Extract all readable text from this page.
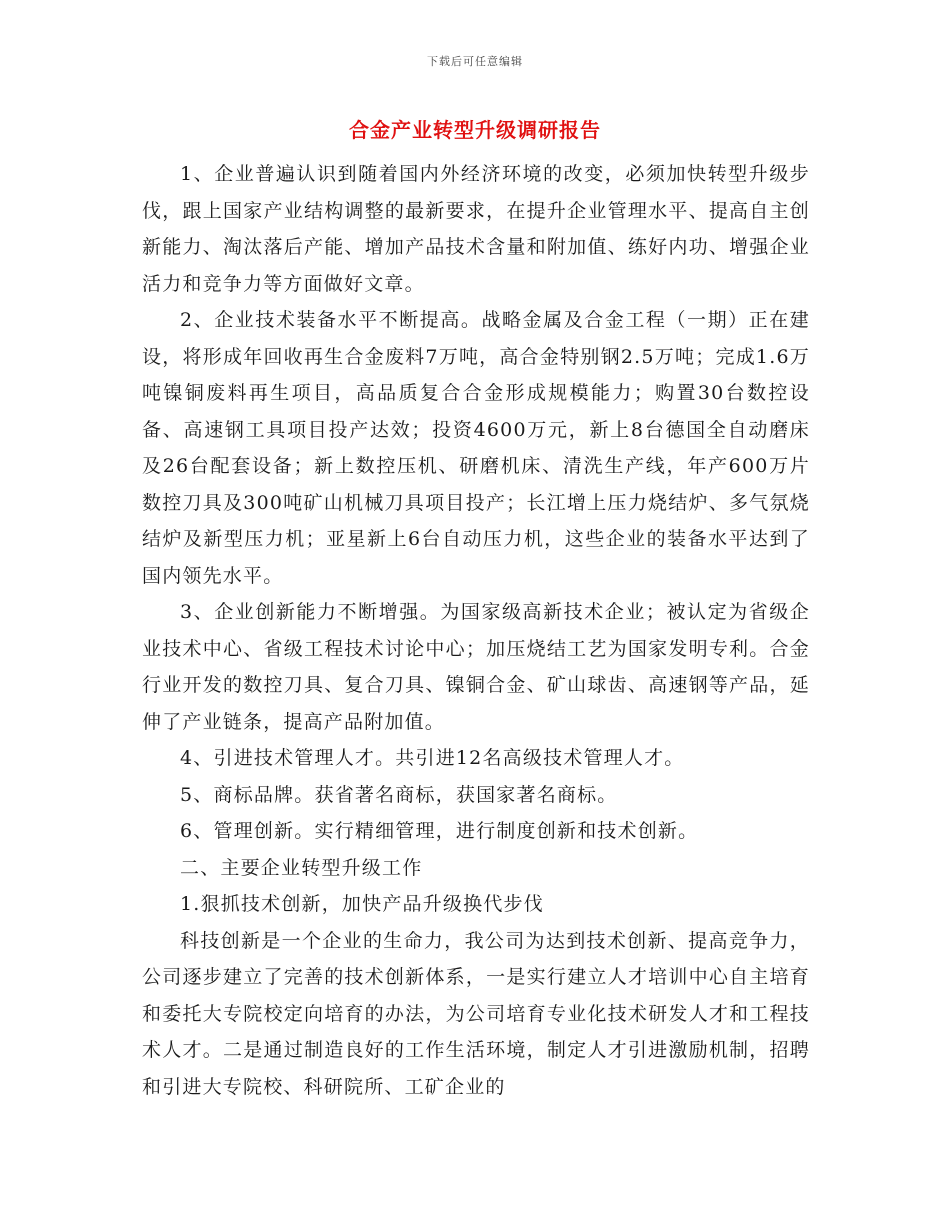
下载后可任意编辑
合金产业转型升级调研报告

1、企业普遍认识到随着国内外经济环境的改变，必须加快转型升级步伐，跟上国家产业结构调整的最新要求，在提升企业管理水平、提高自主创新能力、淘汰落后产能、增加产品技术含量和附加值、练好内功、增强企业活力和竞争力等方面做好文章。

2、企业技术装备水平不断提高。战略金属及合金工程（一期）正在建设，将形成年回收再生合金废料7万吨，高合金特别钢2.5万吨；完成1.6万吨镍铜废料再生项目，高品质复合合金形成规模能力；购置30台数控设备、高速钢工具项目投产达效；投资4600万元，新上8台德国全自动磨床及26台配套设备；新上数控压机、研磨机床、清洗生产线，年产600万片数控刀具及300吨矿山机械刀具项目投产；长江增上压力烧结炉、多气氛烧结炉及新型压力机；亚星新上6台自动压力机，这些企业的装备水平达到了国内领先水平。

3、企业创新能力不断增强。为国家级高新技术企业；被认定为省级企业技术中心、省级工程技术讨论中心；加压烧结工艺为国家发明专利。合金行业开发的数控刀具、复合刀具、镍铜合金、矿山球齿、高速钢等产品，延伸了产业链条，提高产品附加值。

4、引进技术管理人才。共引进12名高级技术管理人才。

5、商标品牌。获省著名商标，获国家著名商标。

6、管理创新。实行精细管理，进行制度创新和技术创新。

二、主要企业转型升级工作

1.狠抓技术创新，加快产品升级换代步伐

科技创新是一个企业的生命力，我公司为达到技术创新、提高竞争力，公司逐步建立了完善的技术创新体系，一是实行建立人才培训中心自主培育和委托大专院校定向培育的办法，为公司培育专业化技术研发人才和工程技术人才。二是通过制造良好的工作生活环境，制定人才引进激励机制，招聘和引进大专院校、科研院所、工矿企业的
